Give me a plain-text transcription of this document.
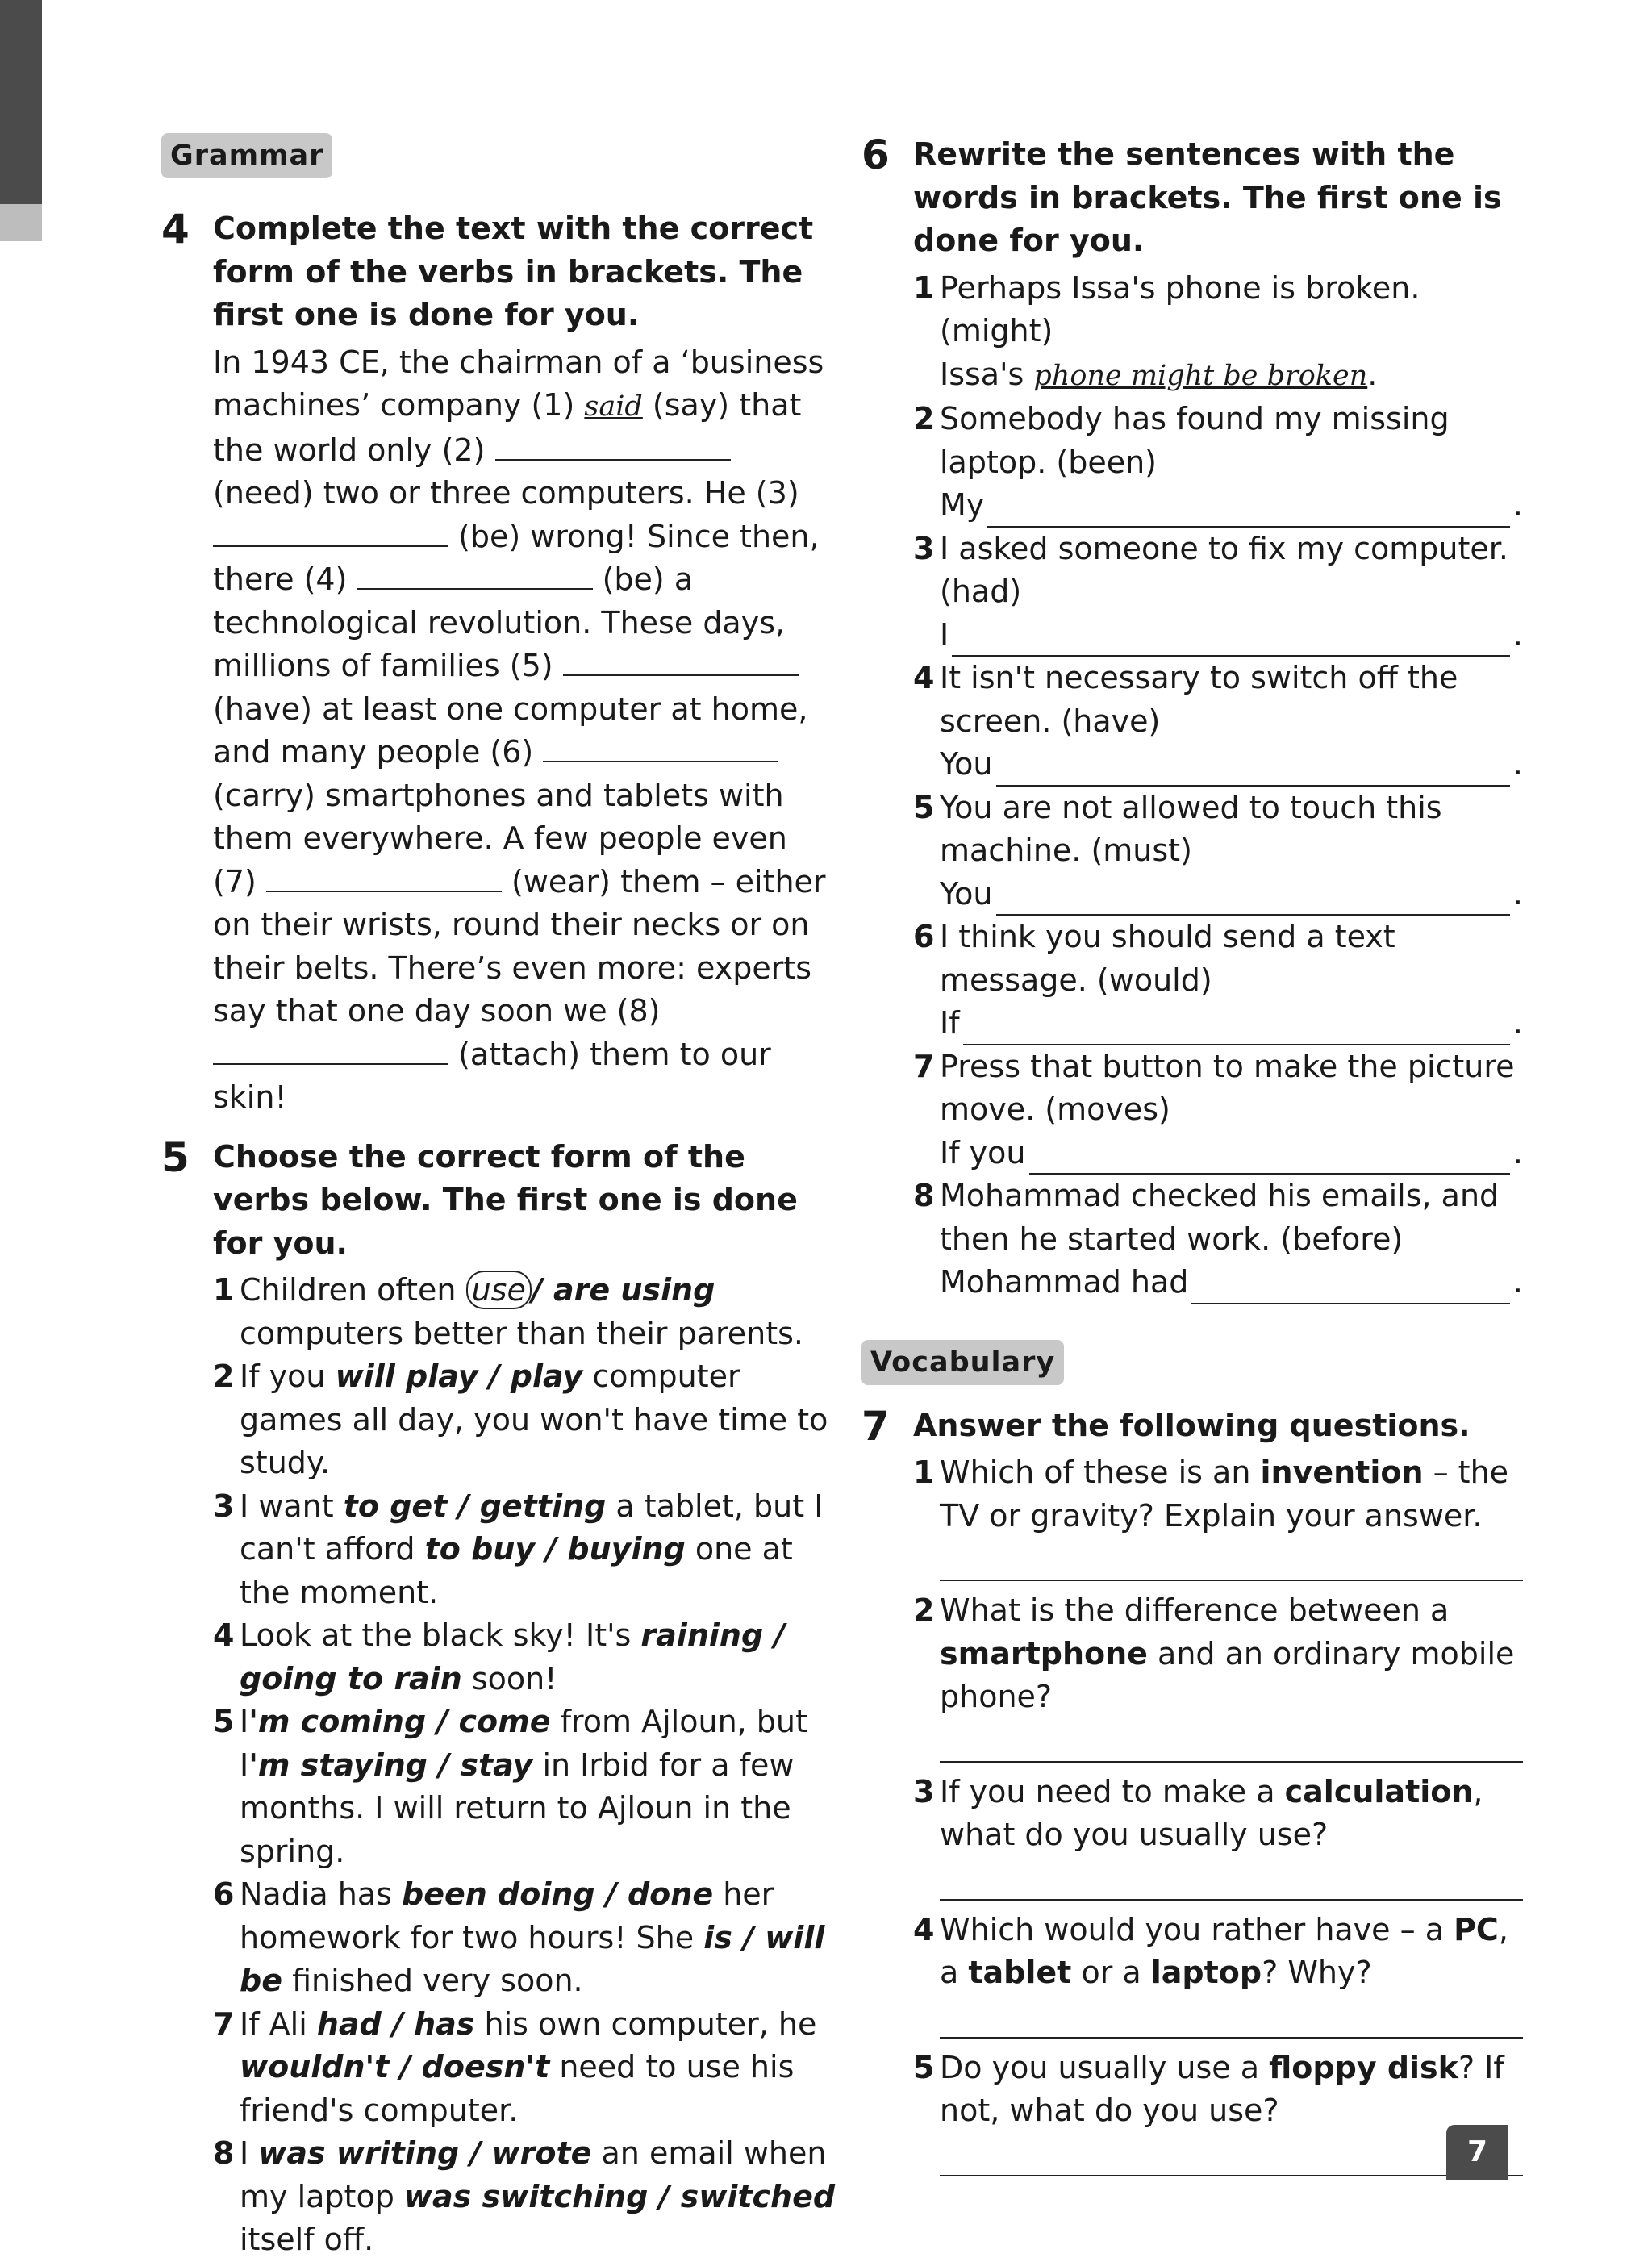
Grammar
4 Complete the text with the correct form of the verbs in brackets. The first one is done for you.
In 1943 CE, the chairman of a ‘business machines’ company (1) said (say) that the world only (2)  (need) two or three computers. He (3)  (be) wrong! Since then, there (4)	(be) a technological revolution. These days, millions of families (5)  (have) at least one computer at home, and many people (6)  (carry) smartphones and tablets with them everywhere. A few people even (7)	(wear) them – either on their wrists, round their necks or on their belts. There’s even more: experts say that one day soon we (8)  (attach) them to our skin!
5 Choose the correct form of the verbs below. The first one is done for you.
1 Children often use / are using computers better than their parents.
2 If you will play / play computer games all day, you won't have time to study.
3 I want to get / getting a tablet, but I can't afford to buy / buying one at the moment.
4 Look at the black sky! It's raining / going to rain soon!
5 I'm coming / come from Ajloun, but I'm staying / stay in Irbid for a few months. I will return to Ajloun in the spring.
6 Nadia has been doing / done her homework for two hours! She is / will be finished very soon.
7 If Ali had / has his own computer, he wouldn't / doesn't need to use his friend's computer.
8 I was writing / wrote an email when my laptop was switching / switched itself off.
6 Rewrite the sentences with the words in brackets. The first one is done for you.
1 Perhaps Issa's phone is broken. (might)
Issa's phone might be broken.
2 Somebody has found my missing laptop. (been)
My	.
3 I asked someone to fix my computer. (had)
I	.
4 It isn't necessary to switch off the screen. (have)
You	.
5 You are not allowed to touch this machine. (must)
You	.
6 I think you should send a text message. (would)
If	.
7 Press that button to make the picture move. (moves)
If you	.
8 Mohammad checked his emails, and then he started work. (before)
Mohammad had	.
Vocabulary
7 Answer the following questions.
1 Which of these is an invention – the TV or gravity? Explain your answer.
2 What is the difference between a smartphone and an ordinary mobile phone?
3 If you need to make a calculation, what do you usually use?
4 Which would you rather have – a PC, a tablet or a laptop? Why?
5 Do you usually use a floppy disk? If not, what do you use?
7
